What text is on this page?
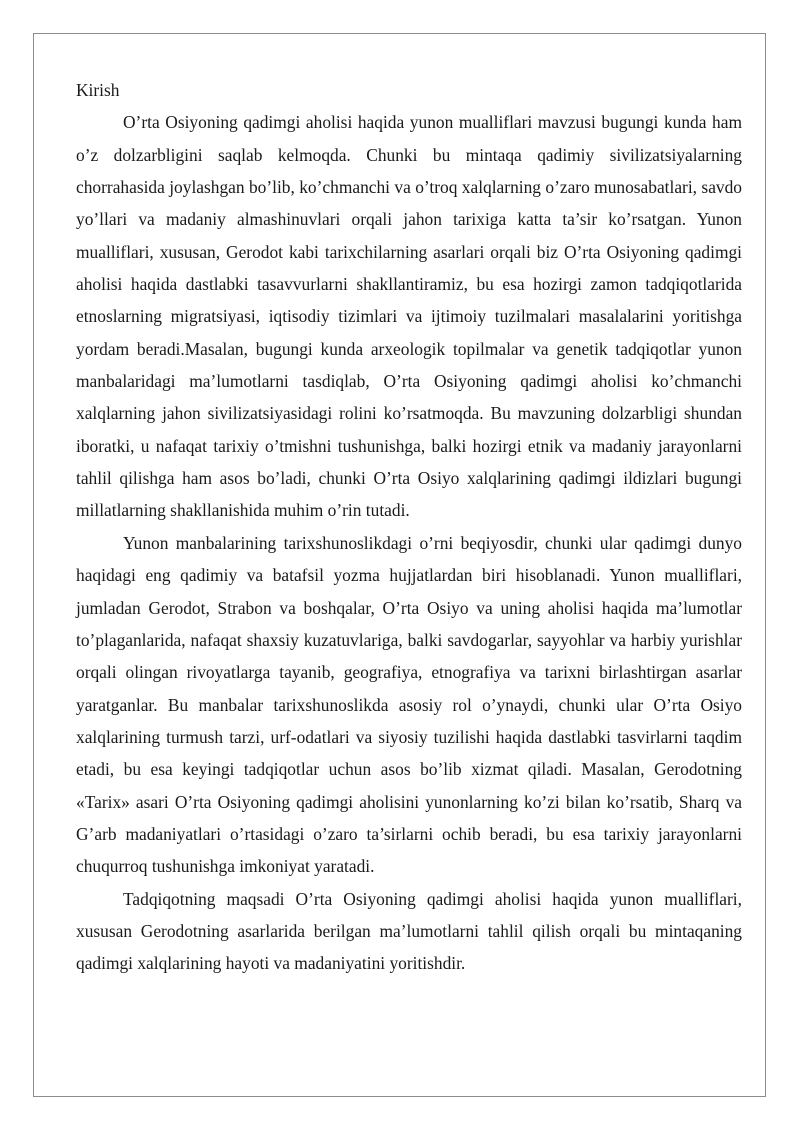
Kirish

O’rta Osiyoning qadimgi aholisi haqida yunon mualliflari mavzusi bugungi kunda ham o’z dolzarbligini saqlab kelmoqda. Chunki bu mintaqa qadimiy sivilizatsiyalarning chorrahasida joylashgan bo’lib, ko’chmanchi va o’troq xalqlarning o’zaro munosabatlari, savdo yo’llari va madaniy almashinuvlari orqali jahon tarixiga katta ta’sir ko’rsatgan. Yunon mualliflari, xususan, Gerodot kabi tarixchilarning asarlari orqali biz O’rta Osiyoning qadimgi aholisi haqida dastlabki tasavvurlarni shakllantiramiz, bu esa hozirgi zamon tadqiqotlarida etnoslarning migratsiyasi, iqtisodiy tizimlari va ijtimoiy tuzilmalari masalalarini yoritishga yordam beradi.Masalan, bugungi kunda arxeologik topilmalar va genetik tadqiqotlar yunon manbalaridagi ma’lumotlarni tasdiqlab, O’rta Osiyoning qadimgi aholisi ko’chmanchi xalqlarning jahon sivilizatsiyasidagi rolini ko’rsatmoqda. Bu mavzuning dolzarbligi shundan iboratki, u nafaqat tarixiy o’tmishni tushunishga, balki hozirgi etnik va madaniy jarayonlarni tahlil qilishga ham asos bo’ladi, chunki O’rta Osiyo xalqlarining qadimgi ildizlari bugungi millatlarning shakllanishida muhim o’rin tutadi.

Yunon manbalarining tarixshunoslikdagi o’rni beqiyosdir, chunki ular qadimgi dunyo haqidagi eng qadimiy va batafsil yozma hujjatlardan biri hisoblanadi. Yunon mualliflari, jumladan Gerodot, Strabon va boshqalar, O’rta Osiyo va uning aholisi haqida ma’lumotlar to’plaganlarida, nafaqat shaxsiy kuzatuvlariga, balki savdogarlar, sayyohlar va harbiy yurishlar orqali olingan rivoyatlarga tayanib, geografiya, etnografiya va tarixni birlashtirgan asarlar yaratganlar. Bu manbalar tarixshunoslikda asosiy rol o’ynaydi, chunki ular O’rta Osiyo xalqlarining turmush tarzi, urf-odatlari va siyosiy tuzilishi haqida dastlabki tasvirlarni taqdim etadi, bu esa keyingi tadqiqotlar uchun asos bo’lib xizmat qiladi. Masalan, Gerodotning «Tarix» asari O’rta Osiyoning qadimgi aholisini yunonlarning ko’zi bilan ko’rsatib, Sharq va G’arb madaniyatlari o’rtasidagi o’zaro ta’sirlarni ochib beradi, bu esa tarixiy jarayonlarni chuqurroq tushunishga imkoniyat yaratadi.

Tadqiqotning maqsadi O’rta Osiyoning qadimgi aholisi haqida yunon mualliflari, xususan Gerodotning asarlarida berilgan ma’lumotlarni tahlil qilish orqali bu mintaqaning qadimgi xalqlarining hayoti va madaniyatini yoritishdir.
